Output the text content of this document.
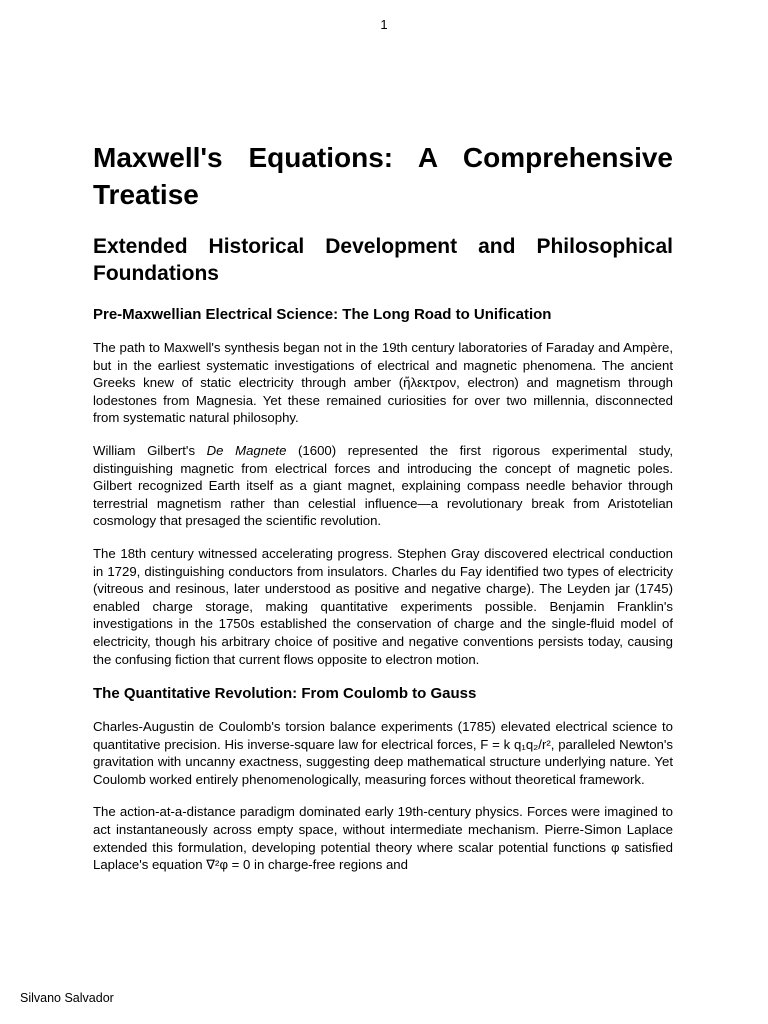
1
Maxwell's Equations: A Comprehensive Treatise
Extended Historical Development and Philosophical Foundations
Pre-Maxwellian Electrical Science: The Long Road to Unification

The path to Maxwell's synthesis began not in the 19th century laboratories of Faraday and Ampère, but in the earliest systematic investigations of electrical and magnetic phenomena. The ancient Greeks knew of static electricity through amber (ἤλεκτρον, electron) and magnetism through lodestones from Magnesia. Yet these remained curiosities for over two millennia, disconnected from systematic natural philosophy.

William Gilbert's De Magnete (1600) represented the first rigorous experimental study, distinguishing magnetic from electrical forces and introducing the concept of magnetic poles. Gilbert recognized Earth itself as a giant magnet, explaining compass needle behavior through terrestrial magnetism rather than celestial influence—a revolutionary break from Aristotelian cosmology that presaged the scientific revolution.

The 18th century witnessed accelerating progress. Stephen Gray discovered electrical conduction in 1729, distinguishing conductors from insulators. Charles du Fay identified two types of electricity (vitreous and resinous, later understood as positive and negative charge). The Leyden jar (1745) enabled charge storage, making quantitative experiments possible. Benjamin Franklin's investigations in the 1750s established the conservation of charge and the single-fluid model of electricity, though his arbitrary choice of positive and negative conventions persists today, causing the confusing fiction that current flows opposite to electron motion.

The Quantitative Revolution: From Coulomb to Gauss

Charles-Augustin de Coulomb's torsion balance experiments (1785) elevated electrical science to quantitative precision. His inverse-square law for electrical forces, F = k q₁q₂/r², paralleled Newton's gravitation with uncanny exactness, suggesting deep mathematical structure underlying nature. Yet Coulomb worked entirely phenomenologically, measuring forces without theoretical framework.

The action-at-a-distance paradigm dominated early 19th-century physics. Forces were imagined to act instantaneously across empty space, without intermediate mechanism. Pierre-Simon Laplace extended this formulation, developing potential theory where scalar potential functions φ satisfied Laplace's equation ∇²φ = 0 in charge-free regions and

Silvano Salvador
